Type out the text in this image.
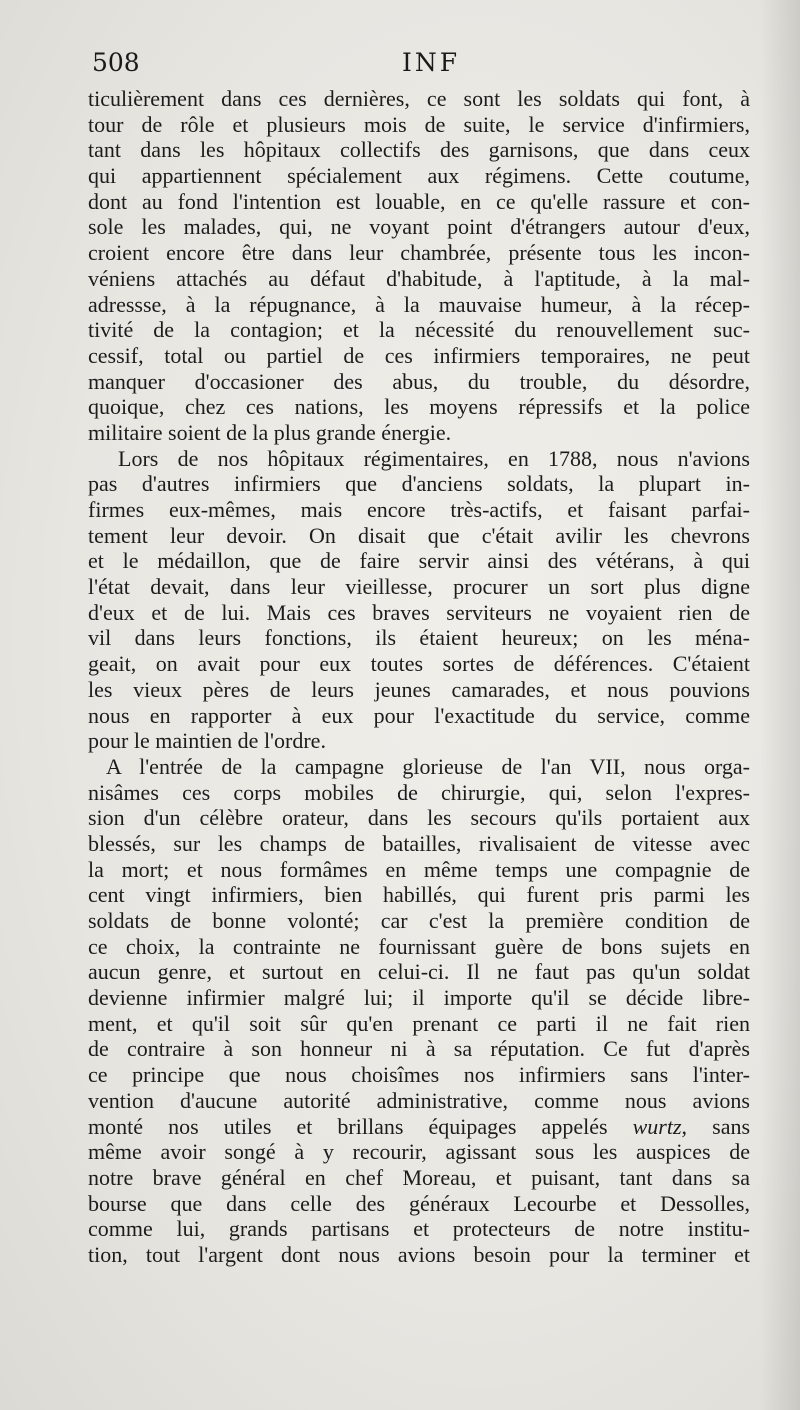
508	INF
ticulièrement dans ces dernières, ce sont les soldats qui font, à
tour de rôle et plusieurs mois de suite, le service d'infirmiers,
tant dans les hôpitaux collectifs des garnisons, que dans ceux
qui appartiennent spécialement aux régimens. Cette coutume,
dont au fond l'intention est louable, en ce qu'elle rassure et con-
sole les malades, qui, ne voyant point d'étrangers autour d'eux,
croient encore être dans leur chambrée, présente tous les incon-
véniens attachés au défaut d'habitude, à l'aptitude, à la mal-
adressse, à la répugnance, à la mauvaise humeur, à la récep-
tivité de la contagion; et la nécessité du renouvellement suc-
cessif, total ou partiel de ces infirmiers temporaires, ne peut
manquer d'occasioner des abus, du trouble, du désordre,
quoique, chez ces nations, les moyens répressifs et la police
militaire soient de la plus grande énergie.
Lors de nos hôpitaux régimentaires, en 1788, nous n'avions
pas d'autres infirmiers que d'anciens soldats, la plupart in-
firmes eux-mêmes, mais encore très-actifs, et faisant parfai-
tement leur devoir. On disait que c'était avilir les chevrons
et le médaillon, que de faire servir ainsi des vétérans, à qui
l'état devait, dans leur vieillesse, procurer un sort plus digne
d'eux et de lui. Mais ces braves serviteurs ne voyaient rien de
vil dans leurs fonctions, ils étaient heureux; on les ména-
geait, on avait pour eux toutes sortes de déférences. C'étaient
les vieux pères de leurs jeunes camarades, et nous pouvions
nous en rapporter à eux pour l'exactitude du service, comme
pour le maintien de l'ordre.
A l'entrée de la campagne glorieuse de l'an VII, nous orga-
nisâmes ces corps mobiles de chirurgie, qui, selon l'expres-
sion d'un célèbre orateur, dans les secours qu'ils portaient aux
blessés, sur les champs de batailles, rivalisaient de vitesse avec
la mort; et nous formâmes en même temps une compagnie de
cent vingt infirmiers, bien habillés, qui furent pris parmi les
soldats de bonne volonté; car c'est la première condition de
ce choix, la contrainte ne fournissant guère de bons sujets en
aucun genre, et surtout en celui-ci. Il ne faut pas qu'un soldat
devienne infirmier malgré lui; il importe qu'il se décide libre-
ment, et qu'il soit sûr qu'en prenant ce parti il ne fait rien
de contraire à son honneur ni à sa réputation. Ce fut d'après
ce principe que nous choisîmes nos infirmiers sans l'inter-
vention d'aucune autorité administrative, comme nous avions
monté nos utiles et brillans équipages appelés wurtz, sans
même avoir songé à y recourir, agissant sous les auspices de
notre brave général en chef Moreau, et puisant, tant dans sa
bourse que dans celle des généraux Lecourbe et Dessolles,
comme lui, grands partisans et protecteurs de notre institu-
tion, tout l'argent dont nous avions besoin pour la terminer et
